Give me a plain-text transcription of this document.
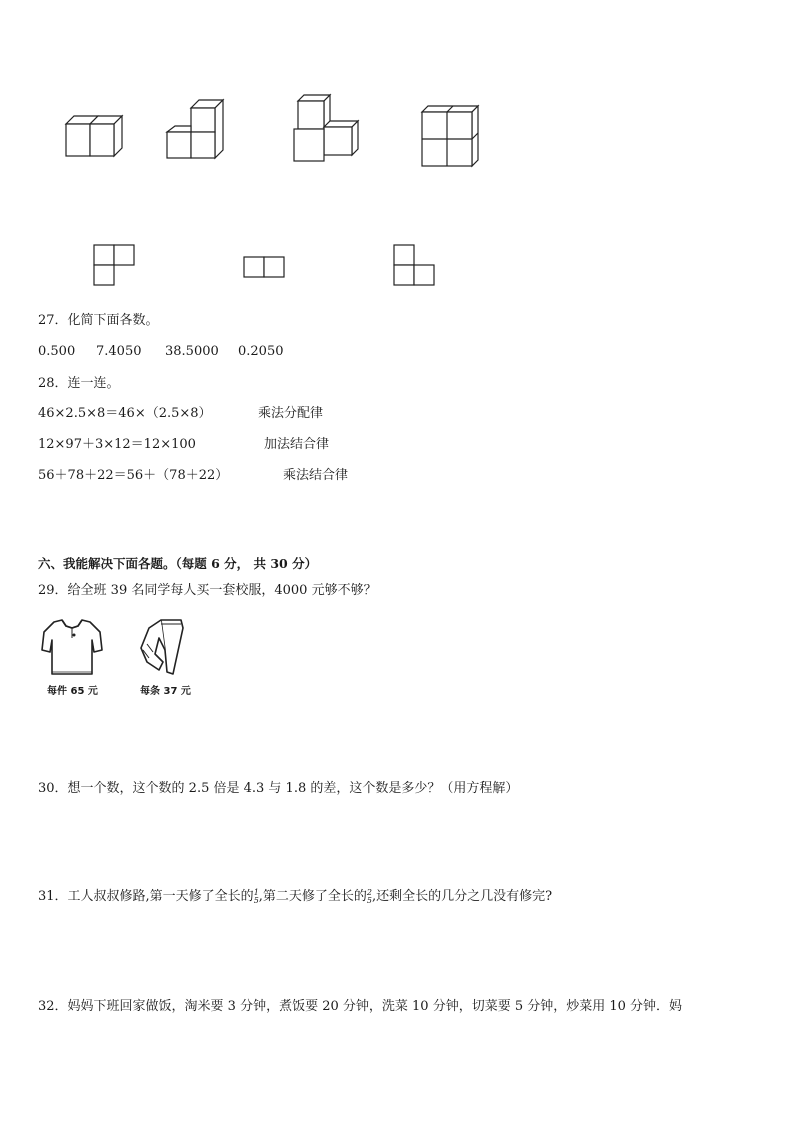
27．化简下面各数。
0.500 7.4050 38.5000 0.2050
28．连一连。
46×2.5×8＝46×（2.5×8）	乘法分配律
12×97＋3×12＝12×100	加法结合律
56＋78＋22＝56＋（78＋22）	乘法结合律
六、我能解决下面各题。（每题 6 分， 共 30 分）
29．给全班 39 名同学每人买一套校服，4000 元够不够？
每件 65 元	每条 37 元
30．想一个数，这个数的 2.5 倍是 4.3 与 1.8 的差，这个数是多少？（用方程解）
31．工人叔叔修路,第一天修了全长的 1
5 ,第二天修了全长的 2
5 ,还剩全长的几分之几没有修完?
32．妈妈下班回家做饭，淘米要 3 分钟，煮饭要 20 分钟，洗菜 10 分钟，切菜要 5 分钟，炒菜用 10 分钟．妈
